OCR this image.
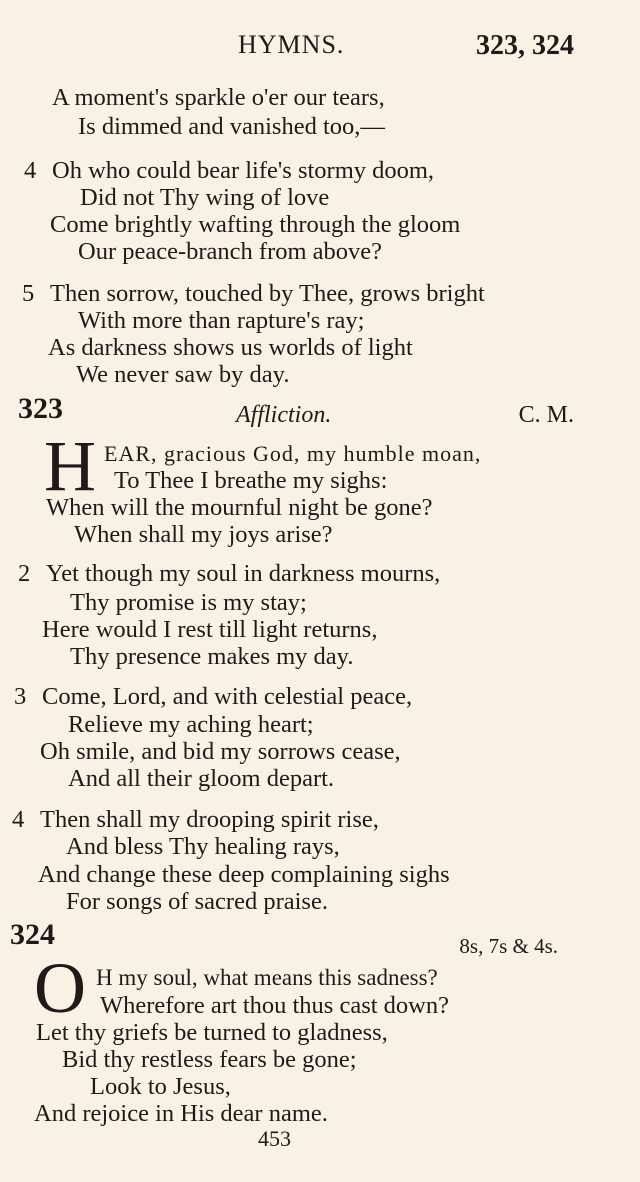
HYMNS.	323, 324
A moment's sparkle o'er our tears,
Is dimmed and vanished too,—
4 Oh who could bear life's stormy doom,
Did not Thy wing of love
Come brightly wafting through the gloom
Our peace-branch from above?
5 Then sorrow, touched by Thee, grows bright
With more than rapture's ray;
As darkness shows us worlds of light
We never saw by day.
323	Affliction.	C. M.
H EAR, gracious God, my humble moan,
To Thee I breathe my sighs:
When will the mournful night be gone?
When shall my joys arise?
2 Yet though my soul in darkness mourns,
Thy promise is my stay;
Here would I rest till light returns,
Thy presence makes my day.
3 Come, Lord, and with celestial peace,
Relieve my aching heart;
Oh smile, and bid my sorrows cease,
And all their gloom depart.
4 Then shall my drooping spirit rise,
And bless Thy healing rays,
And change these deep complaining sighs
For songs of sacred praise.
324	8s, 7s & 4s.
O H my soul, what means this sadness?
Wherefore art thou thus cast down?
Let thy griefs be turned to gladness,
Bid thy restless fears be gone;
Look to Jesus,
And rejoice in His dear name.
453
